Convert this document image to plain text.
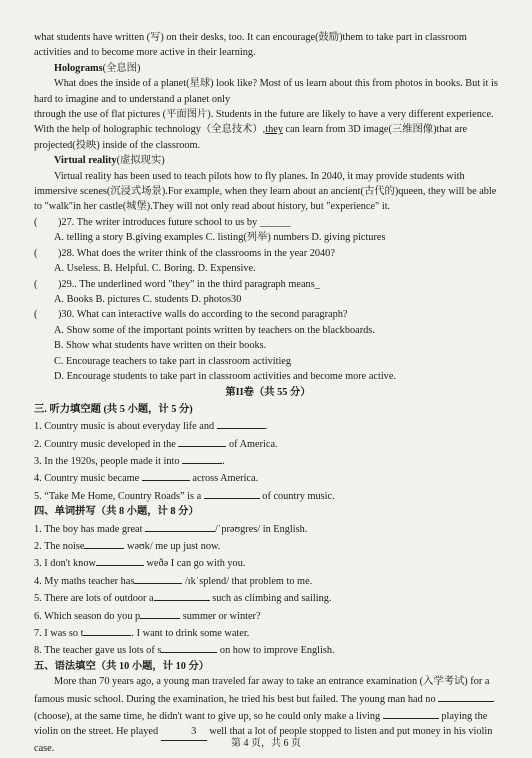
what students have written (写) on their desks, too. It can encourage(鼓励)them to take part in classroom activities and to become more active in their learning.

Holograms(全息图)

What does the inside of a planet(星球) look like? Most of us learn about this from photos in books. But it is hard to imagine and to understand a planet only

through the use of flat pictures (平面图片). Students in the future are likely to have a very different experience. With the help of holographic technology（全息技术）,they can learn from 3D image(三维图像)that are projected(投映) inside of the classroom.

Virtual reality(虚拟现实)

Virtual reality has been used to teach pilots how to fly planes. In 2040, it may provide students with immersive scenes(沉浸式场景).For example, when they learn about an ancient(古代的)queen, they will be able to "walk"in her castle(城堡).They will not only read about history, but "experience" it.

(	)27. The writer introduces future school to us by ______

A. telling a story B.giving examples C. listing(列举) numbers D. giving pictures

(	)28. What does the writer think of the classrooms in the year 2040?

A. Useless. B. Helpful. C. Boring. D. Expensive.

(	)29.. The underlined word "they" in the third paragraph means_

A. Books B. pictures C. students D. photos30

(	)30. What can interactive walls do according to the second paragraph?

A. Show some of the important points written by teachers on the blackboards.

B. Show what students have written on their books.

C. Encourage teachers to take part in classroom activitieg

D. Encourage students to take part in classroom activities and become more active.

第II卷（共 55 分）

三. 听力填空题 (共 5 小题，计 5 分)

1. Country music is about everyday life and	.

2. Country music developed in the	of America.

3. In the 1920s, people made it into	.

4. Country music became	across America.

5. “Take Me Home, Country Roads” is a	of country music.

四、单词拼写（共 8 小题，计 8 分）

1. The boy has made great	/ˈprəʊgres/ in English.

2. The noise	wəʊk/ me up just now.

3. I don't know	weðə I can go with you.

4. My maths teacher has	/ɪkˈsplend/ that problem to me.

5. There are lots of outdoor a	such as climbing and sailing.

6. Which season do you p	summer or winter?

7. I was so t	. I want to drink some water.

8. The teacher gave us lots of s	on how to improve English.

五、语法填空（共 10 小题，计 10 分）

More than 70 years ago, a young man traveled far away to take an entrance examination (入学考试) for a famous music school. During the examination, he tried his best but failed. The young man had no  (choose), at the same time, he didn't want to give up, so he could only make a living	playing the violin on the street. He played	3 well that a lot of people stopped to listen and put money in his violin case.	第 4 页，共 6 页
